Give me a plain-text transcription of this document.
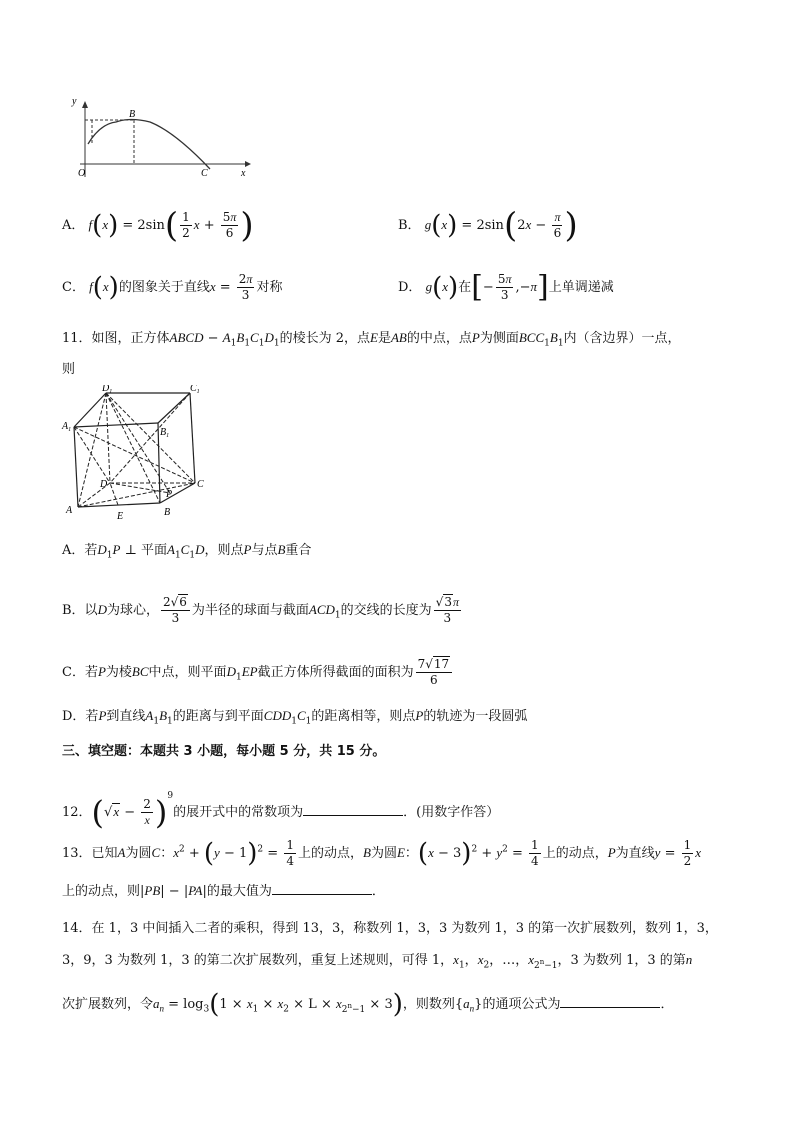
y
B
C	x
O
A． $f(x) = 2\sin( \frac{1}{2}$ $x + \frac{5\pi}{6}$ )	B． $g(x) = 2\sin(2x - \frac{\pi}{6}$ )
C． f(x)的图象关于直线$x = \frac{2\pi}{3}$ 对称	D． g(x)在[− $\frac{5\pi}{3} ,-\pi$]上单调递减
11．如图，正方体ABCD − $A_1B_1C_1D_1$的棱长为 2，点E是AB的中点，点P为侧面$BCC_1B_1$内（含边界）一点，
则
$D_1$	$C_1$
$A_1$	$B_1$
D	C
P
A
E	B
A．若$D_1P$ ⊥ 平面$A_1C_1D$，则点P与点B重合
B．以D为球心， $\frac{2√6}{3}$ 为半径的球面与截面$ACD_1$的交线的长度为 $\frac{√3\pi}{3}$
C．若P为棱BC中点，则平面$D_1EP$截正方体所得截面的面积为 $\frac{7√17}{6}$
D．若P到直线$A_1B_1$的距离与到平面$CDD_1C_1$的距离相等，则点P的轨迹为一段圆弧
三、填空题：本题共 3 小题，每小题 5 分，共 15 分。
12．$(√x - \frac{2}{x} )^9$的展开式中的常数项为	．(用数字作答）
13．已知A为圆C：$x^2 + (y - 1)^2 = \frac{1}{4}$ 上的动点，B为圆E：$(x - 3)^2 + y^2 = \frac{1}{4}$ 上的动点，P为直线$y = \frac{1}{2}$ x
上的动点，则|PB| − |PA|的最大值为	．
14．在 1，3 中间插入二者的乘积，得到 13，3，称数列 1，3，3 为数列 1，3 的第一次扩展数列，数列 1，3，
3，9，3 为数列 1，3 的第二次扩展数列，重复上述规则，可得 1，$x_1$，$x_2$，…，$x_{2^n-1}$，3 为数列 1，3 的第n
次扩展数列，令$a_n = \log_3(1 \times x_1 \times x_2 \times L \times x_{2^n-1} \times 3)$，则数列$\{a_n\}$的通项公式为	．
